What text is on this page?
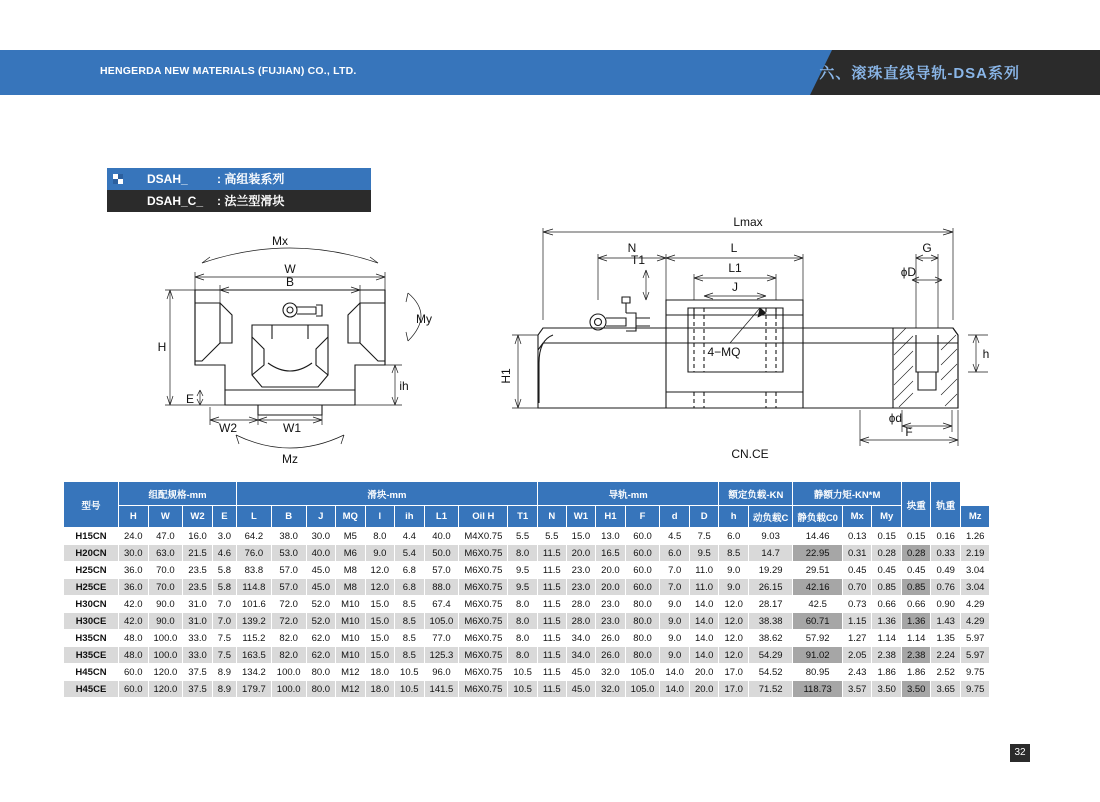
HENGERDA NEW MATERIALS (FUJIAN) CO., LTD.	六、滚珠直线导轨-DSA系列
DSAH_ : 高组装系列
DSAH_C_ : 法兰型滑块
Mx
W
B
H
E
W2	W1
My
ih
Mz
Lmax
N	L
L1
J
T1
G
ɸD
H1
h
4−MQ
ɸd
F
CN.CE
型号	组配规格-mm				滑块-mm									导轨-mm						额定负载-KN		静额力矩-KN*M			块重	轨重	
	H	W	W2	E	L	B	J	MQ	l	ih	L1	Oil H	T1	N	W1	H1	F	d	D	h	动负载C	静负载C0	Mx	My			Mz
H15CN	24.0	47.0	16.0	3.0	64.2	38.0	30.0	M5	8.0	4.4	40.0	M4X0.75	5.5	5.5	15.0	13.0	60.0	4.5	7.5	6.0	9.03	14.46	0.13	0.15	0.15	0.16	1.26
H20CN	30.0	63.0	21.5	4.6	76.0	53.0	40.0	M6	9.0	5.4	50.0	M6X0.75	8.0	11.5	20.0	16.5	60.0	6.0	9.5	8.5	14.7	22.95	0.31	0.28	0.28	0.33	2.19
H25CN	36.0	70.0	23.5	5.8	83.8	57.0	45.0	M8	12.0	6.8	57.0	M6X0.75	9.5	11.5	23.0	20.0	60.0	7.0	11.0	9.0	19.29	29.51	0.45	0.45	0.45	0.49	3.04
H25CE	36.0	70.0	23.5	5.8	114.8	57.0	45.0	M8	12.0	6.8	88.0	M6X0.75	9.5	11.5	23.0	20.0	60.0	7.0	11.0	9.0	26.15	42.16	0.70	0.85	0.85	0.76	3.04
H30CN	42.0	90.0	31.0	7.0	101.6	72.0	52.0	M10	15.0	8.5	67.4	M6X0.75	8.0	11.5	28.0	23.0	80.0	9.0	14.0	12.0	28.17	42.5	0.73	0.66	0.66	0.90	4.29
H30CE	42.0	90.0	31.0	7.0	139.2	72.0	52.0	M10	15.0	8.5	105.0	M6X0.75	8.0	11.5	28.0	23.0	80.0	9.0	14.0	12.0	38.38	60.71	1.15	1.36	1.36	1.43	4.29
H35CN	48.0	100.0	33.0	7.5	115.2	82.0	62.0	M10	15.0	8.5	77.0	M6X0.75	8.0	11.5	34.0	26.0	80.0	9.0	14.0	12.0	38.62	57.92	1.27	1.14	1.14	1.35	5.97
H35CE	48.0	100.0	33.0	7.5	163.5	82.0	62.0	M10	15.0	8.5	125.3	M6X0.75	8.0	11.5	34.0	26.0	80.0	9.0	14.0	12.0	54.29	91.02	2.05	2.38	2.38	2.24	5.97
H45CN	60.0	120.0	37.5	8.9	134.2	100.0	80.0	M12	18.0	10.5	96.0	M6X0.75	10.5	11.5	45.0	32.0	105.0	14.0	20.0	17.0	54.52	80.95	2.43	1.86	1.86	2.52	9.75
H45CE	60.0	120.0	37.5	8.9	179.7	100.0	80.0	M12	18.0	10.5	141.5	M6X0.75	10.5	11.5	45.0	32.0	105.0	14.0	20.0	17.0	71.52	118.73	3.57	3.50	3.50	3.65	9.75
32
